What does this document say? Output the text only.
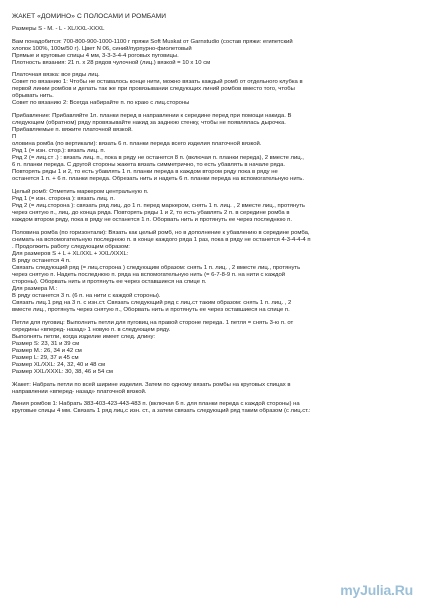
ЖАКЕТ «ДОМИНО» С ПОЛОСАМИ И РОМБАМИ
Размеры S - M. - L - XL/XXL-XXXL
Вам понадобится: 700-800-900-1000-1100 г пряжи Soft Muskat от Garnstudio (состав пряжи: египетский
хлопок 100%, 100м/50 г). Цвет N 06, синий/пурпурно-фиолетовый
Прямые и круговые спицы 4 мм, 3-3-3-4-4 роговых пуговицы.
Плотность вязания: 21 п. х 28 рядов чулочной (лиц.) вязкой = 10 х 10 см
Платочная вязка: все ряды лиц.
Совет по вязанию 1: Чтобы не оставалось конце нити, можно вязать каждый ромб от отдельного клубка в
первой линии ромбов и делать так же при провязывании следующих линий ромбов вместо того, чтобы
обрывать нить.
Совет по вязанию 2: Всегда набирайте п. по краю с лиц.стороны
Прибавление: Прибавляйте 1п. планки перед в направлении к середине перед при помощи накида. В
следующем (обратном) ряду провязывайте накид за заднюю стенку, чтобы не появлялась дырочка.
Прибавляемые п. вяжите платочной вязкой.
П
оловина ромба (по вертикали): вязать 6 п. планки переда всего изделия платочной вязкой.
Ряд 1 (= изн. стор.): вязать лиц. п.
Ряд 2 (= лиц.ст .) : вязать лиц. п., пока в ряду не останется 8 п. (включая п. планки переда), 2 вместе лиц.,
6 п. планки переда. С другой стороны жакета вязать симметрично, то есть убавлять в начале ряда.
Повторять ряды 1 и 2, то есть убавлять 1 п. планки переда в каждом втором ряду пока в ряду не
останется 1 п. + 6 п. планки переда. Обрезать нить и надеть 6 п. планки переда на вспомогательную нить.
Целый ромб: Отметить маркером центральную п.
Ряд 1 (= изн. сторона ): вязать лиц. п.
Ряд 2 (= лиц.сторона ): связать ряд лиц. до 1 п. перед маркером, снять 1 п. лиц. , 2 вместе лиц., протянуть
через снятую п., лиц. до конца ряда. Повторять ряды 1 и 2, то есть убавлять 2 п. в середине ромба в
каждом втором ряду, пока в ряду не останется 1 п. Оборвать нить и протянуть ее через последнюю п.
Половина ромба (по горизонтали): Вязать как целый ромб, но в дополнение к убавлению в середине ромба,
снимать на вспомогательную последнюю п. в конце каждого ряда 1 раз, пока в ряду не останется 4-3-4-4-4 п
. Продолжить работу следующим образом:
Для размеров S + L + XL/XXL + XXL/XXXL:
В ряду останется 4 п.
Связать следующий ряд (= лиц.сторона ) следующим образом: снять 1 п. лиц. , 2 вместе лиц., протянуть
через снятую п. Надеть последнюю п. ряда на вспомогательную нить (= 6-7-8-9 п. на нити с каждой
стороны). Оборвать нить и протянуть ее через оставшиеся на спице п.
Для размера М.:
В ряду останется 3 п. (6 п. на нити с каждой стороны).
Связать лиц.1 ряд на 3 п. с изн.ст. Связать следующий ряд с лиц.ст таким образом: снять 1 п. лиц. , 2
вместе лиц., протянуть через снятую п., Оборвать нить и протянуть ее через оставшиеся на спице п.
Петли для пуговиц: Выполнить петли для пуговиц на правой стороне переда. 1 петля = снять 3-ю п. от
середины «вперед- назад» 1 новую п. в следующем ряду.
Выполнять петли, когда изделие имеет след. длину:
Размер S: 23, 31 и 39 см
Размер М.: 26, 34 и 42 см
Размер L: 29, 37 и 45 см
Размер XL/XXL: 24, 32, 40 и 48 см
Размер XXL/XXXL: 30, 38, 46 и 54 см
Жакет: Набрать петли по всей ширине изделия. Затем по одному вязать ромбы на круговых спицах в
направлении «вперед- назад» платочной вязкой.
Линия ромбов 1: Набрать 383-403-423-443-483 п. (включая 6 п. для планки переда с каждой стороны) на
круговые спицы 4 мм. Связать 1 ряд лиц.с изн. ст., а затем связать следующий ряд таким образом (с лиц.ст.:
myJulia.Ru
